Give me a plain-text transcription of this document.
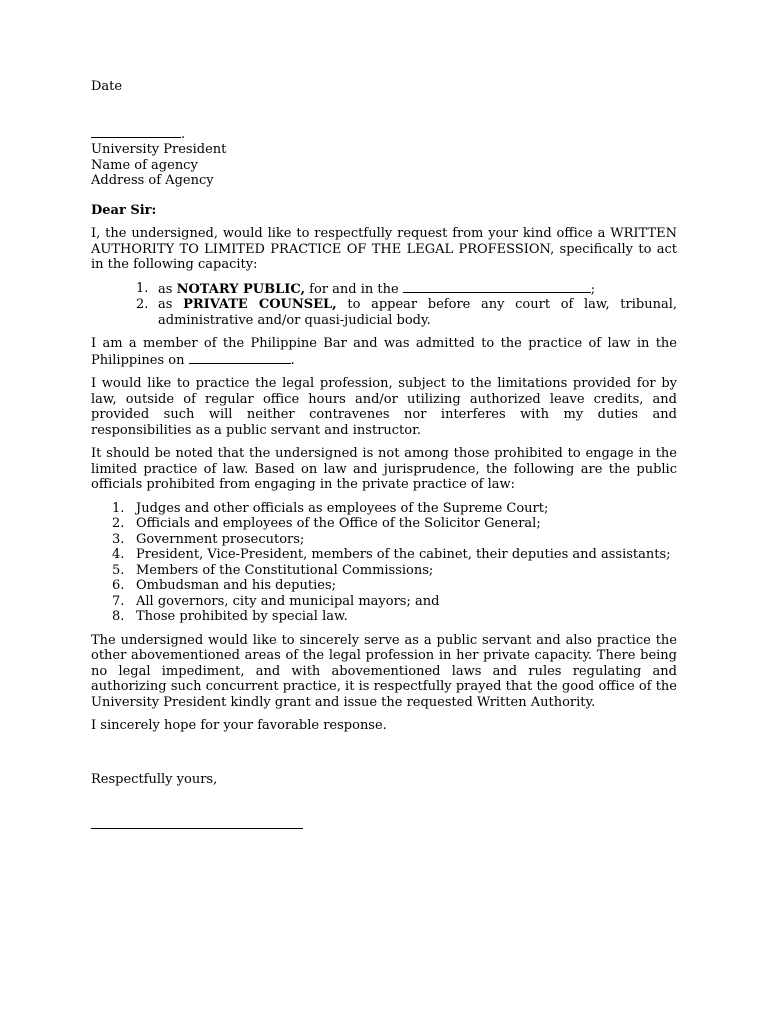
Date
.
University President
Name of agency
Address of Agency
Dear Sir:

I, the undersigned, would like to respectfully request from your kind office a WRITTEN AUTHORITY TO LIMITED PRACTICE OF THE LEGAL PROFESSION, specifically to act in the following capacity:

1. as NOTARY PUBLIC, for and in the	;
2. as PRIVATE COUNSEL, to appear before any court of law, tribunal, administrative and/or quasi-judicial body.

I am a member of the Philippine Bar and was admitted to the practice of law in the Philippines on	.

I would like to practice the legal profession, subject to the limitations provided for by law, outside of regular office hours and/or utilizing authorized leave credits, and provided such will neither contravenes nor interferes with my duties and responsibilities as a public servant and instructor.

It should be noted that the undersigned is not among those prohibited to engage in the limited practice of law. Based on law and jurisprudence, the following are the public officials prohibited from engaging in the private practice of law:

1. Judges and other officials as employees of the Supreme Court;
2. Officials and employees of the Office of the Solicitor General;
3. Government prosecutors;
4. President, Vice-President, members of the cabinet, their deputies and assistants;
5. Members of the Constitutional Commissions;
6. Ombudsman and his deputies;
7. All governors, city and municipal mayors; and
8. Those prohibited by special law.

The undersigned would like to sincerely serve as a public servant and also practice the other abovementioned areas of the legal profession in her private capacity. There being no legal impediment, and with abovementioned laws and rules regulating and authorizing such concurrent practice, it is respectfully prayed that the good office of the University President kindly grant and issue the requested Written Authority.

I sincerely hope for your favorable response.

Respectfully yours,
